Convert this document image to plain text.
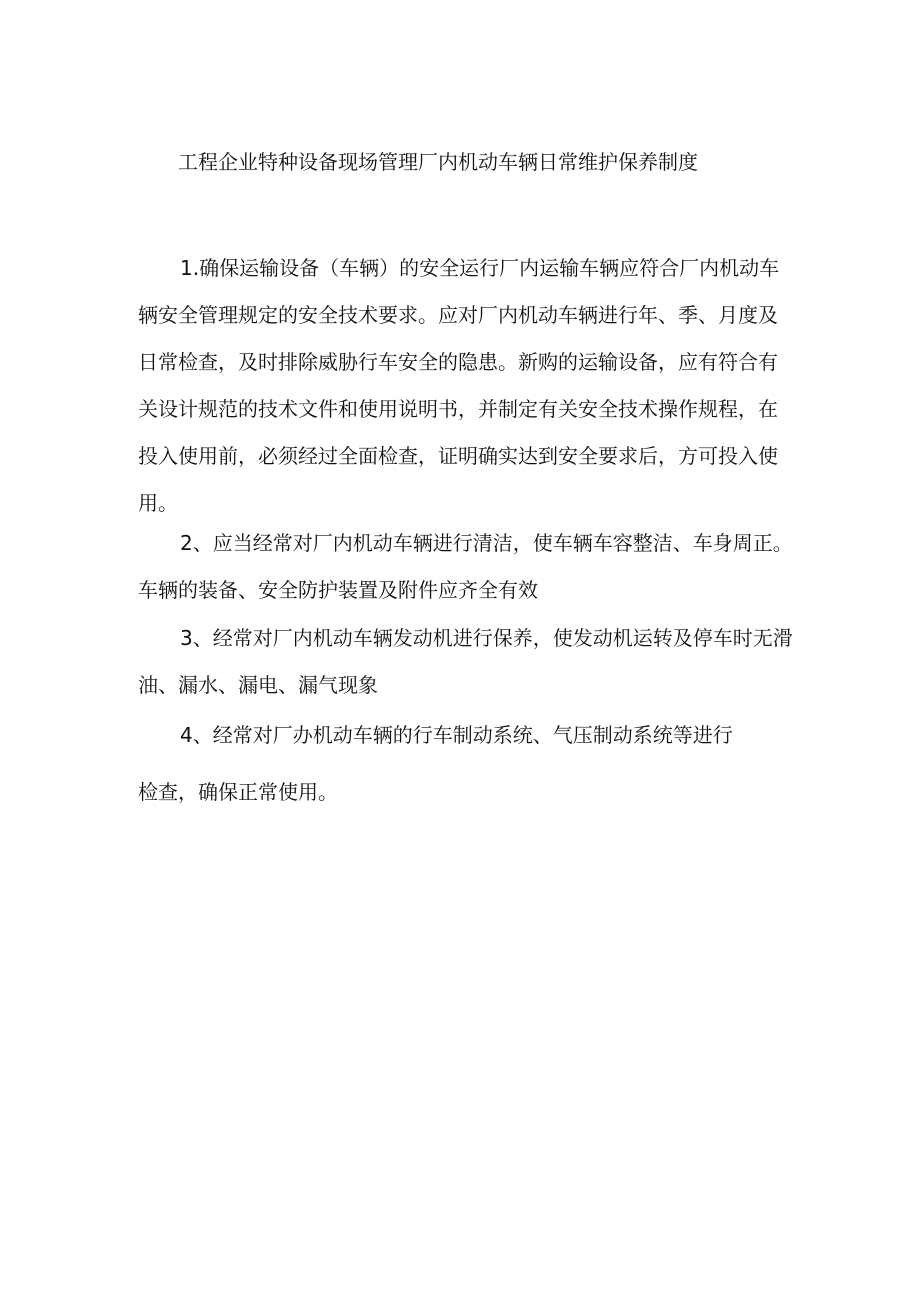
工程企业特种设备现场管理厂内机动车辆日常维护保养制度
1.确保运输设备（车辆）的安全运行厂内运输车辆应符合厂内机动车
辆安全管理规定的安全技术要求。应对厂内机动车辆进行年、季、月度及
日常检查，及时排除威胁行车安全的隐患。新购的运输设备，应有符合有
关设计规范的技术文件和使用说明书，并制定有关安全技术操作规程，在
投入使用前，必须经过全面检查，证明确实达到安全要求后，方可投入使
用。
2、应当经常对厂内机动车辆进行清洁，使车辆车容整洁、车身周正。
车辆的装备、安全防护装置及附件应齐全有效
3、经常对厂内机动车辆发动机进行保养，使发动机运转及停车时无滑
油、漏水、漏电、漏气现象
4、经常对厂办机动车辆的行车制动系统、气压制动系统等进行
检查，确保正常使用。
